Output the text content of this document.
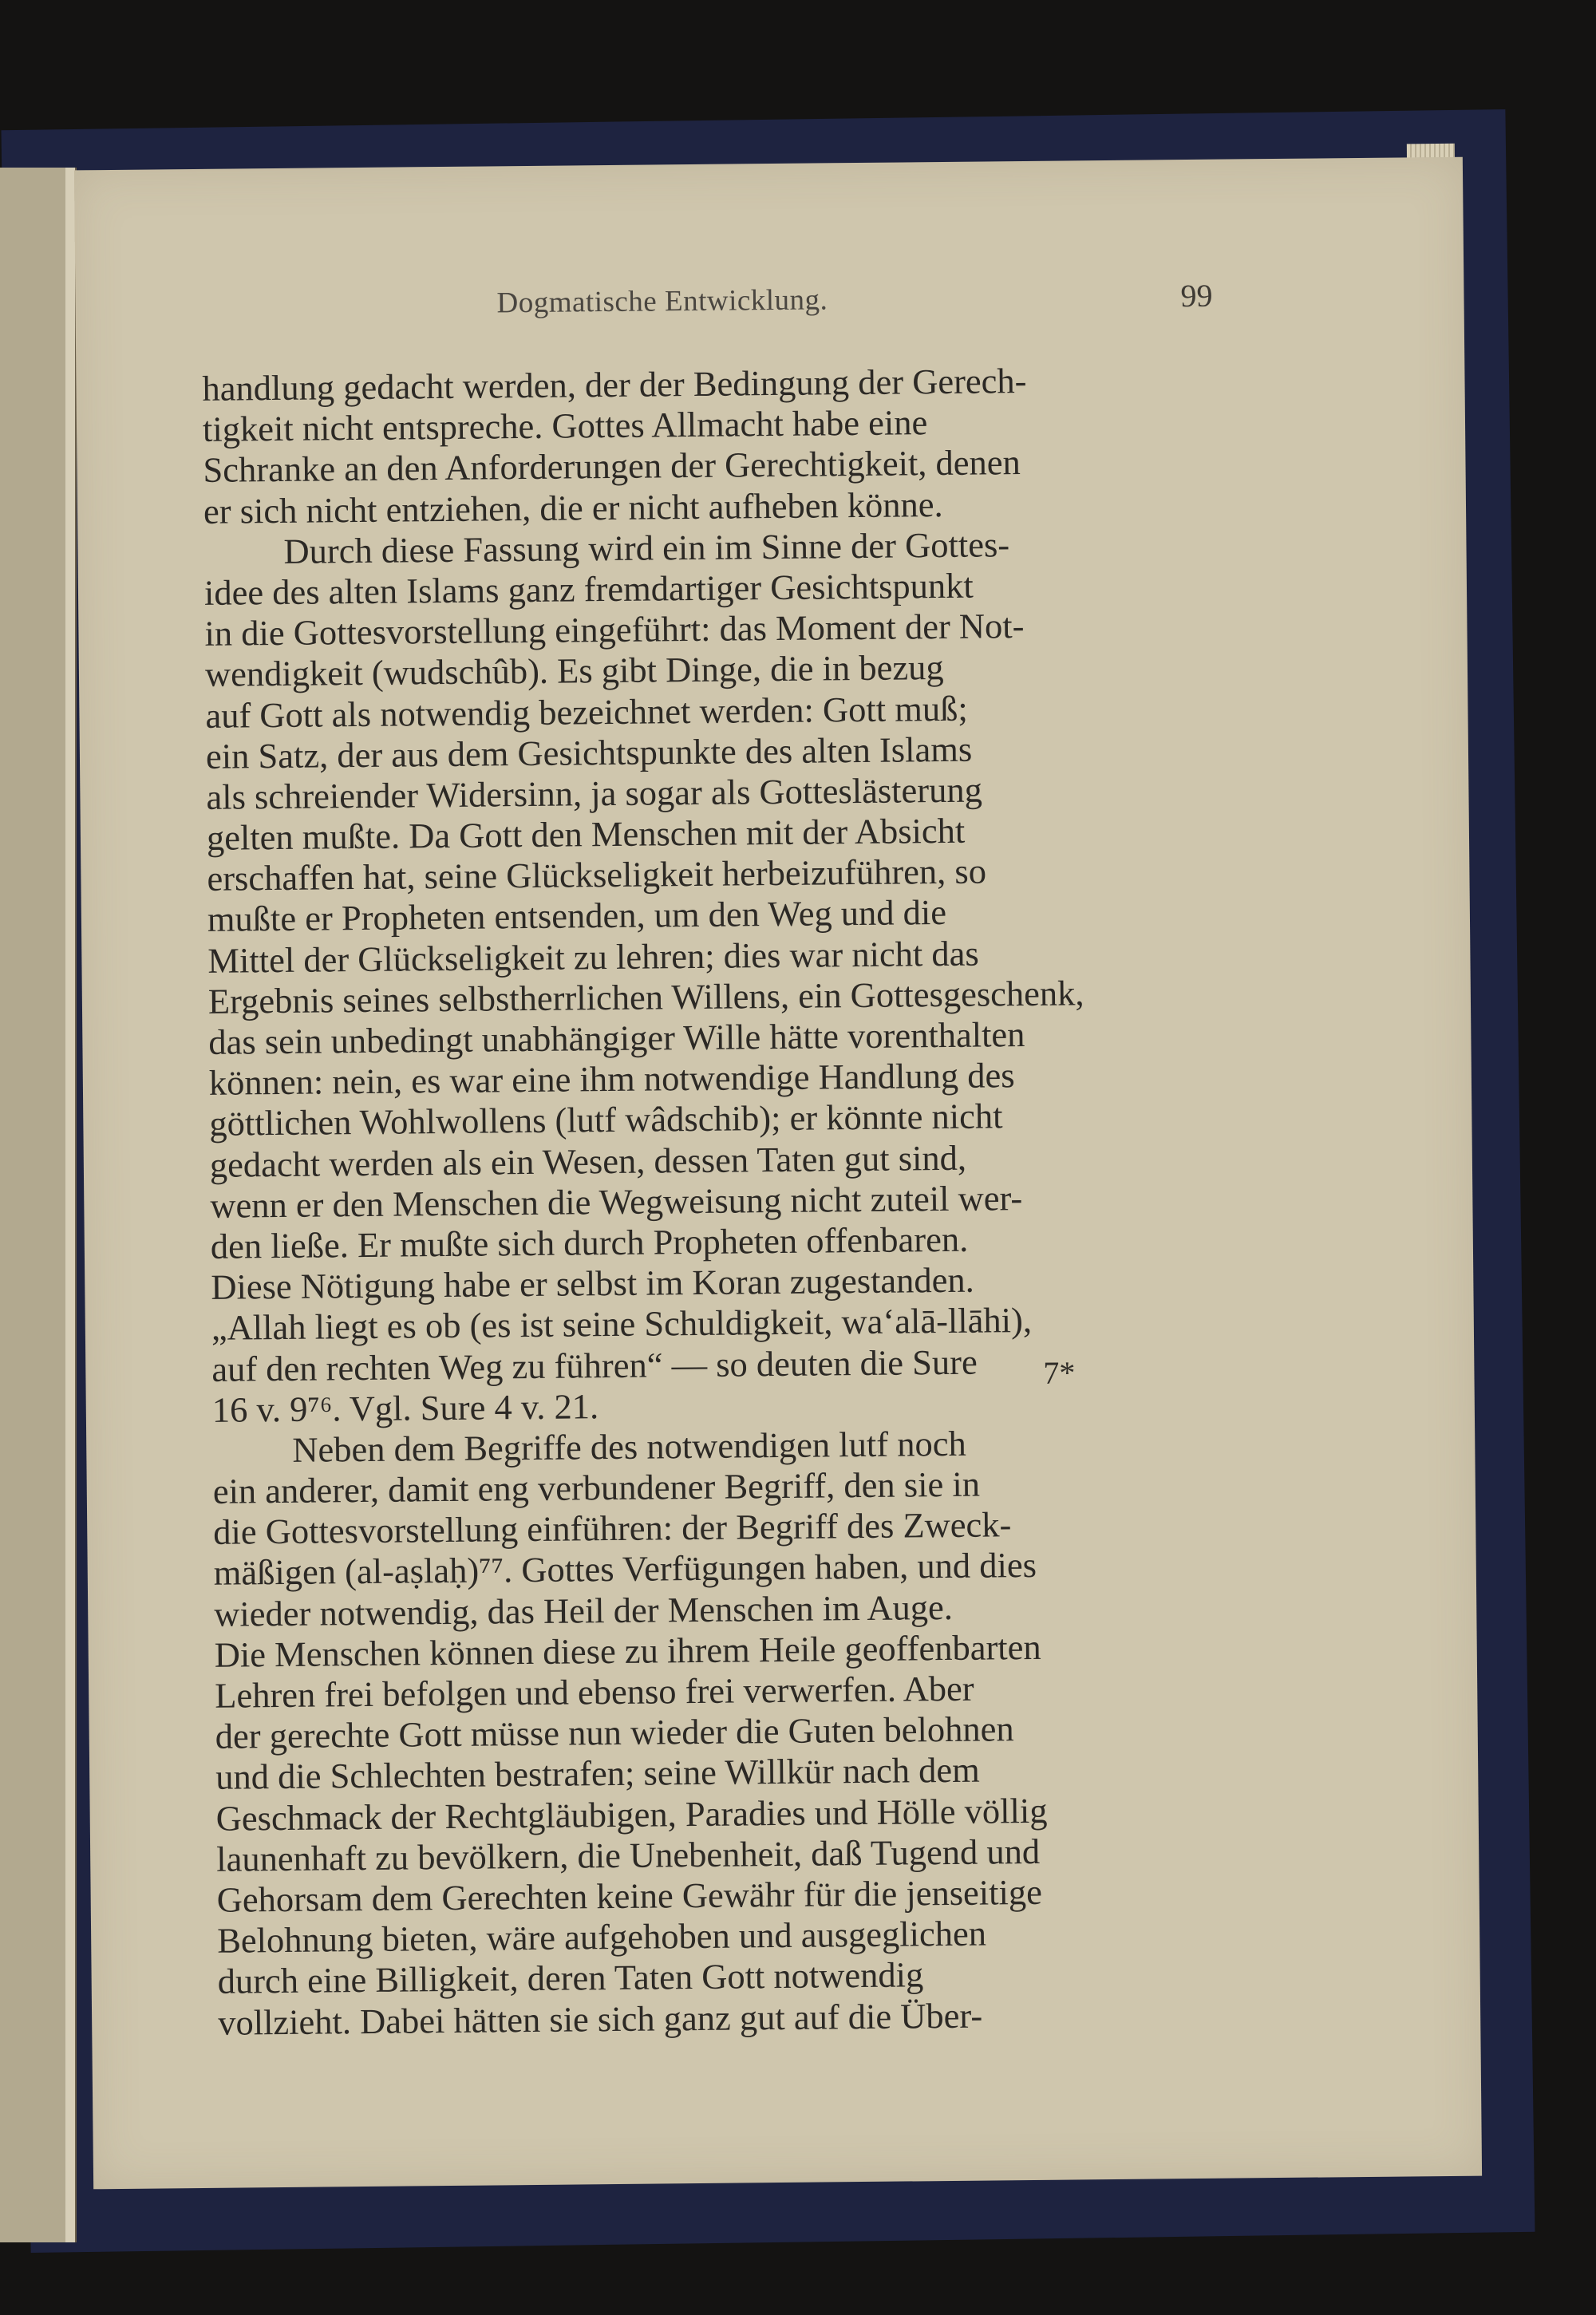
Dogmatische Entwicklung.	99
handlung gedacht werden, der der Bedingung der Gerech-
tigkeit nicht entspreche. Gottes Allmacht habe eine
Schranke an den Anforderungen der Gerechtigkeit, denen
er sich nicht entziehen, die er nicht aufheben könne.
Durch diese Fassung wird ein im Sinne der Gottes-
idee des alten Islams ganz fremdartiger Gesichtspunkt
in die Gottesvorstellung eingeführt: das Moment der Not-
wendigkeit (wudschûb). Es gibt Dinge, die in bezug
auf Gott als notwendig bezeichnet werden: Gott muß;
ein Satz, der aus dem Gesichtspunkte des alten Islams
als schreiender Widersinn, ja sogar als Gotteslästerung
gelten mußte. Da Gott den Menschen mit der Absicht
erschaffen hat, seine Glückseligkeit herbeizuführen, so
mußte er Propheten entsenden, um den Weg und die
Mittel der Glückseligkeit zu lehren; dies war nicht das
Ergebnis seines selbstherrlichen Willens, ein Gottesgeschenk,
das sein unbedingt unabhängiger Wille hätte vorenthalten
können: nein, es war eine ihm notwendige Handlung des
göttlichen Wohlwollens (lutf wâdschib); er könnte nicht
gedacht werden als ein Wesen, dessen Taten gut sind,
wenn er den Menschen die Wegweisung nicht zuteil wer-
den ließe. Er mußte sich durch Propheten offenbaren.
Diese Nötigung habe er selbst im Koran zugestanden.
„Allah liegt es ob (es ist seine Schuldigkeit, wa‘alā-llāhi),
auf den rechten Weg zu führen“ — so deuten die Sure
16 v. 9⁷⁶. Vgl. Sure 4 v. 21.
Neben dem Begriffe des notwendigen lutf noch
ein anderer, damit eng verbundener Begriff, den sie in
die Gottesvorstellung einführen: der Begriff des Zweck-
mäßigen (al-aṣlaḥ)⁷⁷. Gottes Verfügungen haben, und dies
wieder notwendig, das Heil der Menschen im Auge.
Die Menschen können diese zu ihrem Heile geoffenbarten
Lehren frei befolgen und ebenso frei verwerfen. Aber
der gerechte Gott müsse nun wieder die Guten belohnen
und die Schlechten bestrafen; seine Willkür nach dem
Geschmack der Rechtgläubigen, Paradies und Hölle völlig
launenhaft zu bevölkern, die Unebenheit, daß Tugend und
Gehorsam dem Gerechten keine Gewähr für die jenseitige
Belohnung bieten, wäre aufgehoben und ausgeglichen
durch eine Billigkeit, deren Taten Gott notwendig
vollzieht. Dabei hätten sie sich ganz gut auf die Über-
7*
